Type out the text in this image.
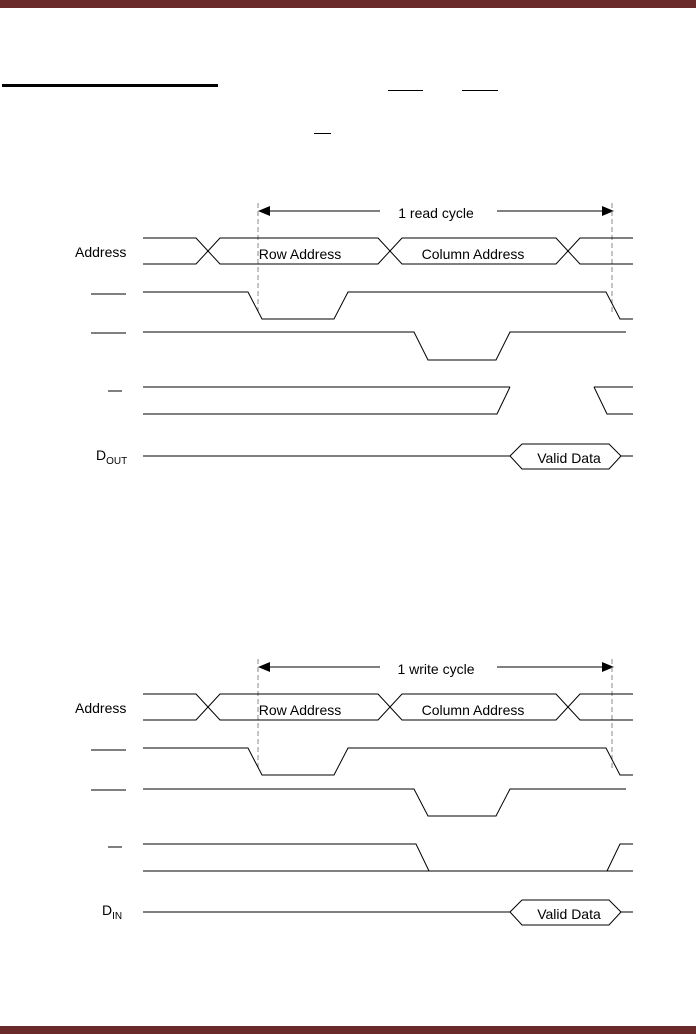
1 read cycle
Address	Row Address	Column Address
$D_{OUT}$	Valid Data
1 write cycle
Address	Row Address	Column Address
$D_{IN}$	Valid Data
